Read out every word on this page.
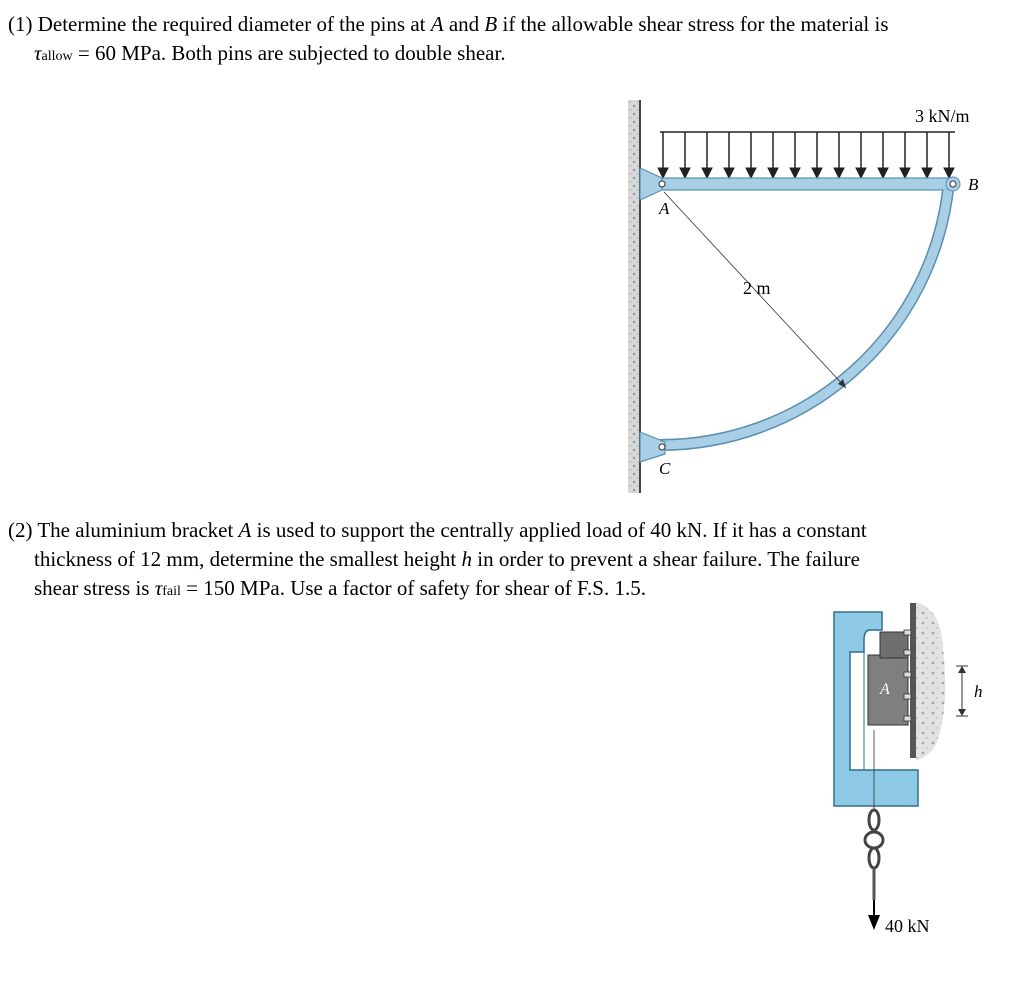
(1) Determine the required diameter of the pins at A and B if the allowable shear stress for the material is
τallow = 60 MPa. Both pins are subjected to double shear.
3 kN/m
2 m
A
B
C
(2) The aluminium bracket A is used to support the centrally applied load of 40 kN. If it has a constant
thickness of 12 mm, determine the smallest height h in order to prevent a shear failure. The failure
shear stress is τfail = 150 MPa. Use a factor of safety for shear of F.S. 1.5.
A	h
40 kN
